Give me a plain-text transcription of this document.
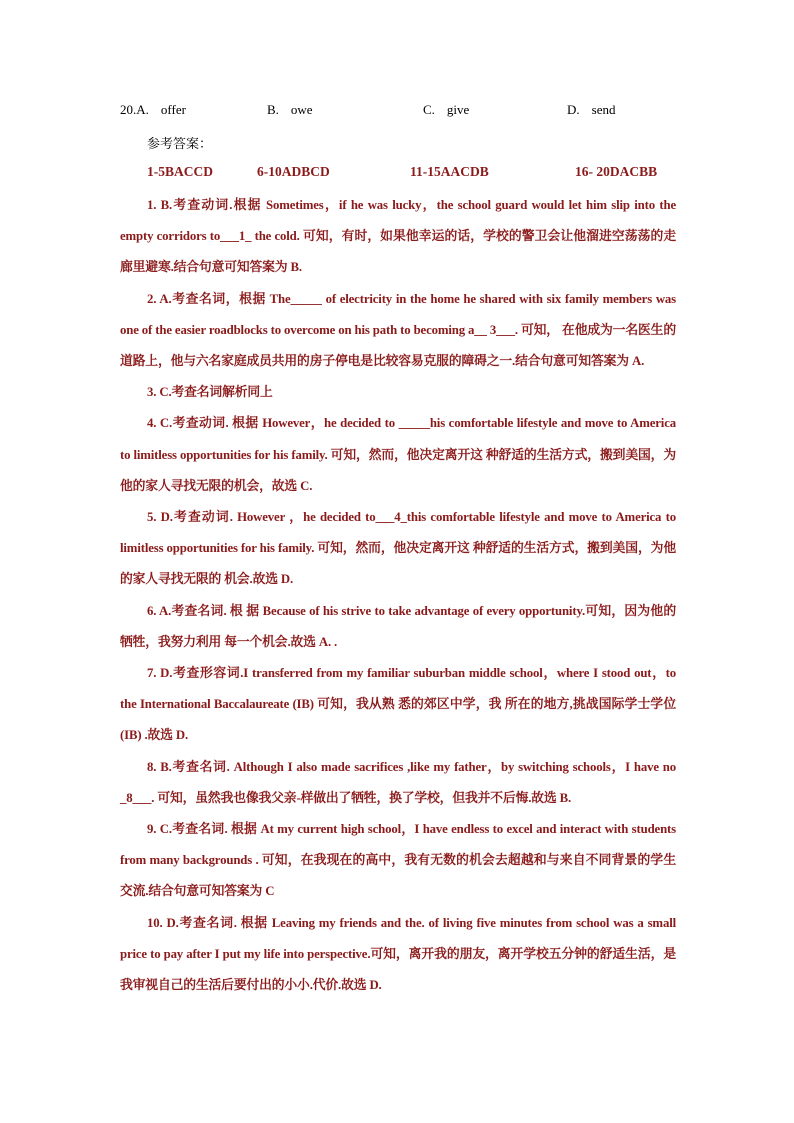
20.A. offer	B. owe	C. give	D. send
参考答案：
1-5BACCD	6-10ADBCD	11-15AACDB	16- 20DACBB

1. B.考查动词.根据 Sometimes，if he was lucky，the school guard would let him slip into the empty corridors to___1_ the cold. 可知，有时，如果他幸运的话，学校的警卫会让他溜进空荡荡的走廊里避寒.结合句意可知答案为 B.

2. A.考查名词，根据 The_____ of electricity in the home he shared with six family members was one of the easier roadblocks to overcome on his path to becoming a__ 3___. 可知， 在他成为一名医生的道路上，他与六名家庭成员共用的房子停电是比较容易克服的障碍之一.结合句意可知答案为 A.

3. C.考查名词解析同上

4. C.考查动词. 根据 However，he decided to _____his comfortable lifestyle and move to America to limitless opportunities for his family. 可知，然而，他决定离开这 种舒适的生活方式，搬到美国，为他的家人寻找无限的机会，故选 C.

5. D.考查动词. However ，he decided to___4_this comfortable lifestyle and move to America to limitless opportunities for his family. 可知，然而，他决定离开这 种舒适的生活方式，搬到美国，为他的家人寻找无限的 机会.故选 D.

6. A.考查名词. 根 据 Because of his strive to take advantage of every opportunity.可知，因为他的牺牲，我努力利用 每一个机会.故选 A. .

7. D.考查形容词.I transferred from my familiar suburban middle school，where I stood out，to the International Baccalaureate (IB) 可知，我从熟 悉的郊区中学，我 所在的地方,挑战国际学士学位 (IB) .故选 D.

8. B.考查名词. Although I also made sacrifices ,like my father，by switching schools，I have no _8___. 可知，虽然我也像我父亲-样做出了牺牲，换了学校，但我并不后悔.故选 B.

9. C.考查名词. 根据 At my current high school，I have endless to excel and interact with students from many backgrounds . 可知，在我现在的高中，我有无数的机会去超越和与来自不同背景的学生交流.结合句意可知答案为 C

10. D.考查名词. 根据 Leaving my friends and the. of living five minutes from school was a small price to pay after I put my life into perspective.可知，离开我的朋友，离开学校五分钟的舒适生活，是我审视自己的生活后要付出的小小.代价.故选 D.
